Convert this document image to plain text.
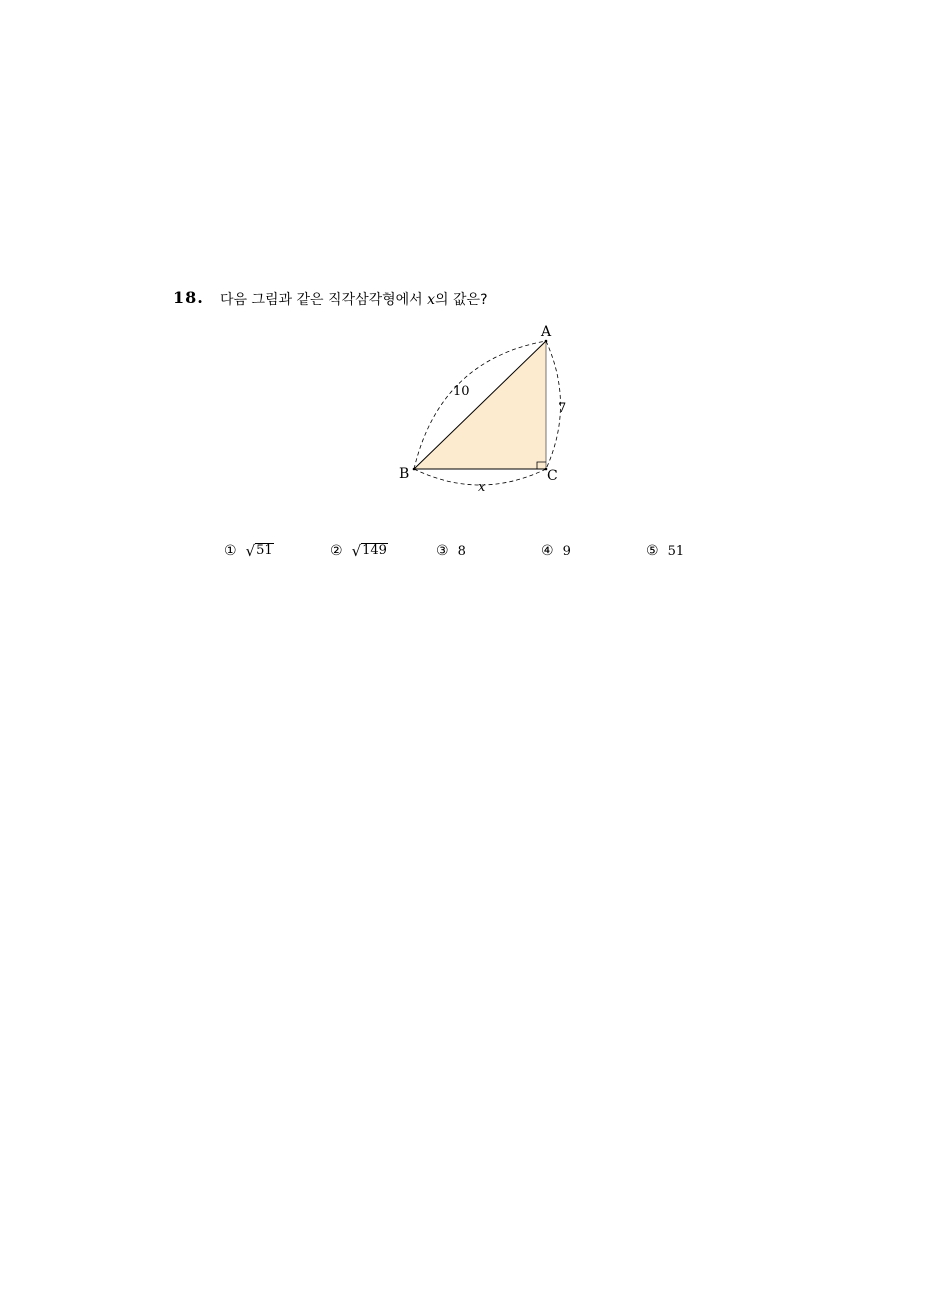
18. 다음 그림과 같은 직각삼각형에서 x의 값은?
A
B	C
10
7
x
① √ 51	② √ 149	③ 8	④ 9	⑤ 51
